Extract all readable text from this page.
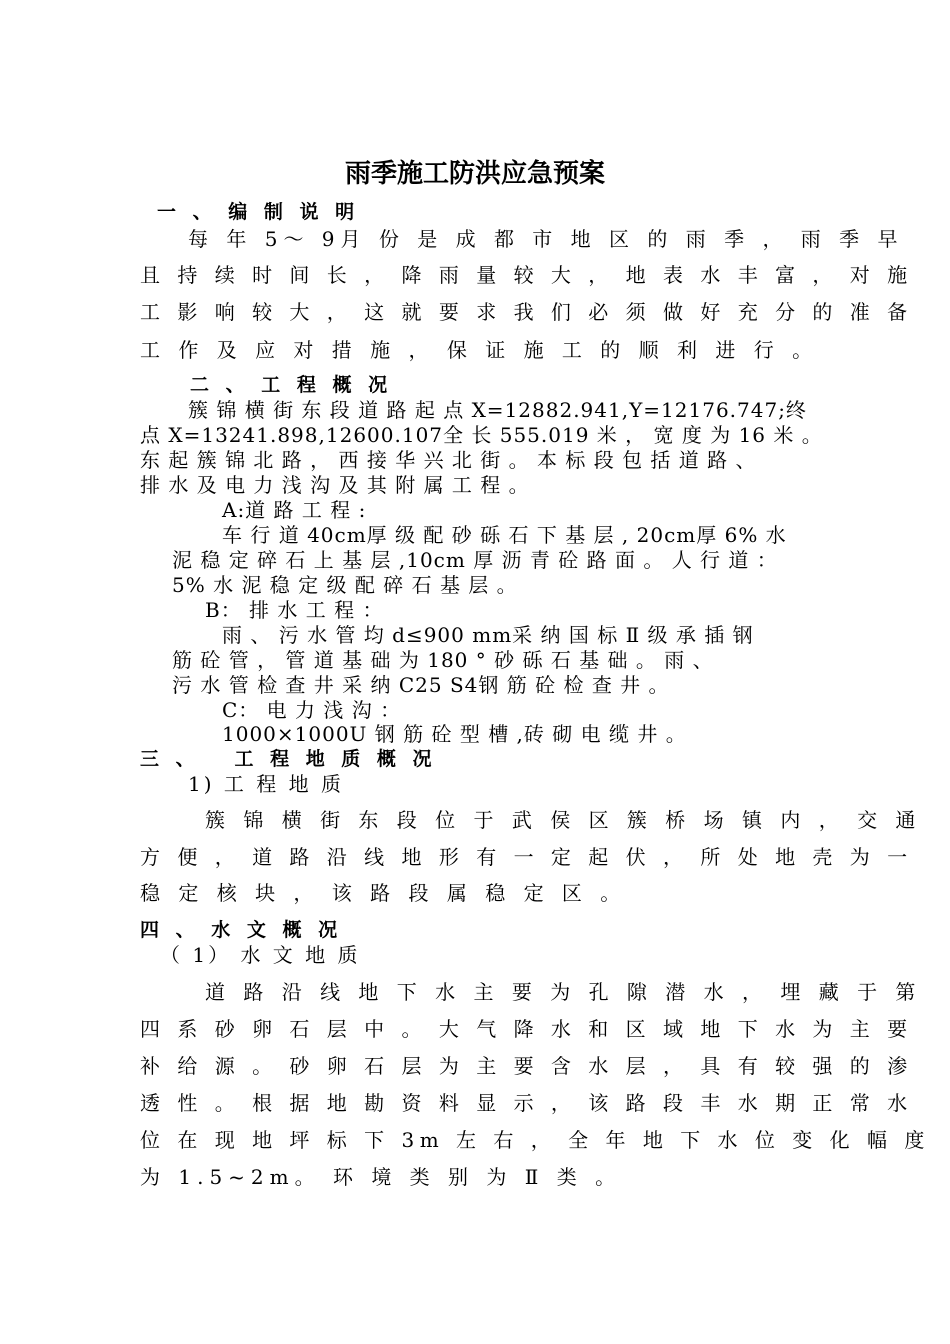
雨季施工防洪应急预案
一 、 编 制 说 明
每 年 5～ 9月 份 是 成 都 市 地 区 的 雨 季 ， 雨 季 早
且 持 续 时 间 长 ， 降 雨 量 较 大 ， 地 表 水 丰 富 ， 对 施
工 影 响 较 大 ， 这 就 要 求 我 们 必 须 做 好 充 分 的 准 备
工 作 及 应 对 措 施 ， 保 证 施 工 的 顺 利 进 行 。
二 、 工 程 概 况
簇 锦 横 街 东 段 道 路 起 点 X=12882.941,Y=12176.747;终
点 X=13241.898,12600.107全 长 555.019 米 ， 宽 度 为 16 米 。
东 起 簇 锦 北 路 ， 西 接 华 兴 北 街 。 本 标 段 包 括 道 路 、
排 水 及 电 力 浅 沟 及 其 附 属 工 程 。
A:道 路 工 程 :
车 行 道 40cm厚 级 配 砂 砾 石 下 基 层 , 20cm厚 6% 水
泥 稳 定 碎 石 上 基 层 ,10cm 厚 沥 青 砼 路 面 。 人 行 道 ：
5% 水 泥 稳 定 级 配 碎 石 基 层 。
B： 排 水 工 程 ：
雨 、 污 水 管 均 d≤900 mm采 纳 国 标 Ⅱ 级 承 插 钢
筋 砼 管 ， 管 道 基 础 为 180 ° 砂 砾 石 基 础 。 雨 、
污 水 管 检 查 井 采 纳 C25 S4钢 筋 砼 检 查 井 。
C： 电 力 浅 沟 ：
1000×1000U 钢 筋 砼 型 槽 ,砖 砌 电 缆 井 。
三 、   工 程 地 质 概 况
1) 工 程 地 质
簇 锦 横 街 东 段 位 于 武 侯 区 簇 桥 场 镇 内 ， 交 通
方 便 ， 道 路 沿 线 地 形 有 一 定 起 伏 ， 所 处 地 壳 为 一
稳 定 核 块 ， 该 路 段 属 稳 定 区 。
四 、 水 文 概 况
（ 1） 水 文 地 质
道 路 沿 线 地 下 水 主 要 为 孔 隙 潜 水 ， 埋 藏 于 第
四 系 砂 卵 石 层 中 。 大 气 降 水 和 区 域 地 下 水 为 主 要
补 给 源 。 砂 卵 石 层 为 主 要 含 水 层 ， 具 有 较 强 的 渗
透 性 。 根 据 地 勘 资 料 显 示 ， 该 路 段 丰 水 期 正 常 水
位 在 现 地 坪 标 下 3m 左 右 ， 全 年 地 下 水 位 变 化 幅 度
为 1.5~2m。 环 境 类 别 为 Ⅱ 类 。
